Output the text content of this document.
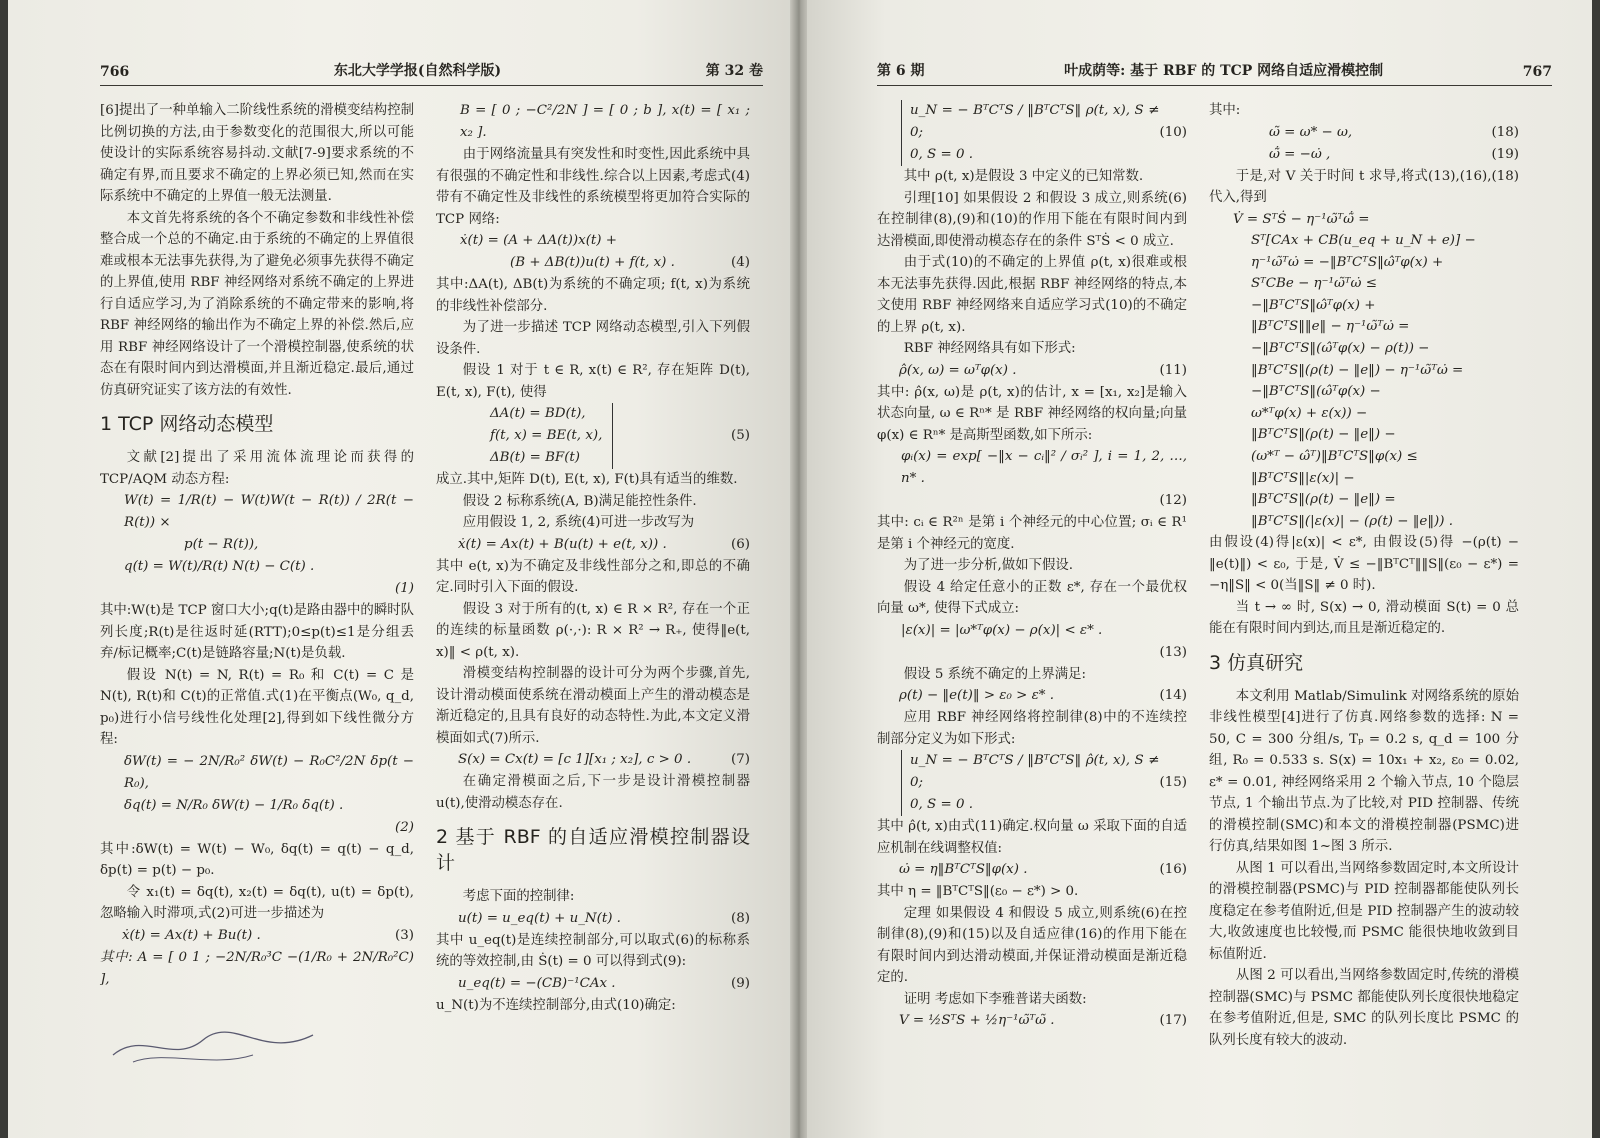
766	东北大学学报(自然科学版)	第 32 卷

[6]提出了一种单输入二阶线性系统的滑模变结构控制比例切换的方法,由于参数变化的范围很大,所以可能使设计的实际系统容易抖动.文献[7-9]要求系统的不确定有界,而且要求不确定的上界必须已知,然而在实际系统中不确定的上界值一般无法测量.

本文首先将系统的各个不确定参数和非线性补偿整合成一个总的不确定.由于系统的不确定的上界值很难或根本无法事先获得,为了避免必须事先获得不确定的上界值,使用 RBF 神经网络对系统不确定的上界进行自适应学习,为了消除系统的不确定带来的影响,将 RBF 神经网络的输出作为不确定上界的补偿.然后,应用 RBF 神经网络设计了一个滑模控制器,使系统的状态在有限时间内到达滑模面,并且渐近稳定.最后,通过仿真研究证实了该方法的有效性.

1 TCP 网络动态模型

文献[2]提出了采用流体流理论而获得的 TCP/AQM 动态方程:

W(t) = 1/R(t) − W(t)W(t − R(t)) / 2R(t − R(t)) ×
p(t − R(t)),
q(t) = W(t)/R(t) N(t) − C(t) .
(1)

其中:W(t)是 TCP 窗口大小;q(t)是路由器中的瞬时队列长度;R(t)是往返时延(RTT);0≤p(t)≤1是分组丢弃/标记概率;C(t)是链路容量;N(t)是负载.

假设 N(t) = N, R(t) = R₀ 和 C(t) = C 是 N(t), R(t)和 C(t)的正常值.式(1)在平衡点(W₀, q_d, p₀)进行小信号线性化处理[2],得到如下线性微分方程:

δW(t) = − 2N/R₀² δW(t) − R₀C²/2N δp(t − R₀),
δq(t) = N/R₀ δW(t) − 1/R₀ δq(t) .
(2)

其中:δW(t) = W(t) − W₀, δq(t) = q(t) − q_d, δp(t) = p(t) − p₀.

令 x₁(t) = δq(t), x₂(t) = δq(t), u(t) = δp(t),忽略输入时滞项,式(2)可进一步描述为

ẋ(t) = Ax(t) + Bu(t) .	(3)
其中: A = [ 0 1 ; −2N/R₀³C −(1/R₀ + 2N/R₀²C) ],
B = [ 0 ; −C²/2N ] = [ 0 ; b ], x(t) = [ x₁ ; x₂ ].

由于网络流量具有突发性和时变性,因此系统中具有很强的不确定性和非线性.综合以上因素,考虑式(4)带有不确定性及非线性的系统模型将更加符合实际的 TCP 网络:

ẋ(t) = (A + ΔA(t))x(t) +
(B + ΔB(t))u(t) + f(t, x) .	(4)

其中:ΔA(t), ΔB(t)为系统的不确定项; f(t, x)为系统的非线性补偿部分.

为了进一步描述 TCP 网络动态模型,引入下列假设条件.

假设 1 对于 t ∈ R, x(t) ∈ R², 存在矩阵 D(t), E(t, x), F(t), 使得

ΔA(t) = BD(t),
f(t, x) = BE(t, x),
ΔB(t) = BF(t)
(5)

成立.其中,矩阵 D(t), E(t, x), F(t)具有适当的维数.

假设 2 标称系统(A, B)满足能控性条件.

应用假设 1, 2, 系统(4)可进一步改写为

ẋ(t) = Ax(t) + B(u(t) + e(t, x)) .	(6)

其中 e(t, x)为不确定及非线性部分之和,即总的不确定.同时引入下面的假设.

假设 3 对于所有的(t, x) ∈ R × R², 存在一个正的连续的标量函数 ρ(·,·): R × R² → R₊, 使得‖e(t, x)‖ < ρ(t, x).

滑模变结构控制器的设计可分为两个步骤,首先,设计滑动模面使系统在滑动模面上产生的滑动模态是渐近稳定的,且具有良好的动态特性.为此,本文定义滑模面如式(7)所示.

S(x) = Cx(t) = [c 1][x₁ ; x₂], c > 0 .	(7)

在确定滑模面之后,下一步是设计滑模控制器 u(t),使滑动模态存在.

2 基于 RBF 的自适应滑模控制器设计

考虑下面的控制律:

u(t) = u_eq(t) + u_N(t) .	(8)

其中 u_eq(t)是连续控制部分,可以取式(6)的标称系统的等效控制,由 Ṡ(t) = 0 可以得到式(9):

u_eq(t) = −(CB)⁻¹CAx .	(9)

u_N(t)为不连续控制部分,由式(10)确定:

第 6 期	叶成荫等: 基于 RBF 的 TCP 网络自适应滑模控制	767
u_N = − BᵀCᵀS / ‖BᵀCᵀS‖ ρ(t, x), S ≠ 0;
0, S = 0 .
(10)

其中 ρ(t, x)是假设 3 中定义的已知常数.

引理[10] 如果假设 2 和假设 3 成立,则系统(6)在控制律(8),(9)和(10)的作用下能在有限时间内到达滑模面,即使滑动模态存在的条件 SᵀṠ < 0 成立.

由于式(10)的不确定的上界值 ρ(t, x)很难或根本无法事先获得.因此,根据 RBF 神经网络的特点,本文使用 RBF 神经网络来自适应学习式(10)的不确定的上界 ρ(t, x).

RBF 神经网络具有如下形式:

ρ̂(x, ω) = ωᵀφ(x) .	(11)

其中: ρ̂(x, ω)是 ρ(t, x)的估计, x = [x₁, x₂]是输入状态向量, ω ∈ Rⁿ* 是 RBF 神经网络的权向量;向量 φ(x) ∈ Rⁿ* 是高斯型函数,如下所示:

φᵢ(x) = exp[ −‖x − cᵢ‖² / σᵢ² ], i = 1, 2, …, n* .
(12)

其中: cᵢ ∈ R²ⁿ 是第 i 个神经元的中心位置; σᵢ ∈ R¹ 是第 i 个神经元的宽度.

为了进一步分析,做如下假设.

假设 4 给定任意小的正数 ε*, 存在一个最优权向量 ω*, 使得下式成立:

|ε(x)| = |ω*ᵀφ(x) − ρ(x)| < ε* .
(13)

假设 5 系统不确定的上界满足:

ρ(t) − ‖e(t)‖ > ε₀ > ε* .	(14)

应用 RBF 神经网络将控制律(8)中的不连续控制部分定义为如下形式:

u_N = − BᵀCᵀS / ‖BᵀCᵀS‖ ρ̂(t, x), S ≠ 0;
0, S = 0 .
(15)

其中 ρ̂(t, x)由式(11)确定.权向量 ω 采取下面的自适应机制在线调整权值:

ω̇ = η‖BᵀCᵀS‖φ(x) .	(16)

其中 η = ‖BᵀCᵀS‖(ε₀ − ε*) > 0.

定理 如果假设 4 和假设 5 成立,则系统(6)在控制律(8),(9)和(15)以及自适应律(16)的作用下能在有限时间内到达滑动模面,并保证滑动模面是渐近稳定的.

证明 考虑如下李雅普诺夫函数:

V = ½SᵀS + ½η⁻¹ω̃ᵀω̃ .	(17)

其中:

ω̃ = ω* − ω,	(18)
ω̃̇ = −ω̇ ,	(19)

于是,对 V 关于时间 t 求导,将式(13),(16),(18)代入,得到

V̇ = SᵀṠ − η⁻¹ω̃ᵀω̃̇ =
Sᵀ[CAx + CB(u_eq + u_N + e)] −
η⁻¹ω̃ᵀω̇ = −‖BᵀCᵀS‖ω̂ᵀφ(x) +
SᵀCBe − η⁻¹ω̃ᵀω̇ ≤
−‖BᵀCᵀS‖ω̂ᵀφ(x) +
‖BᵀCᵀS‖‖e‖ − η⁻¹ω̃ᵀω̇ =
−‖BᵀCᵀS‖(ω̂ᵀφ(x) − ρ(t)) −
‖BᵀCᵀS‖(ρ(t) − ‖e‖) − η⁻¹ω̃ᵀω̇ =
−‖BᵀCᵀS‖(ω̂ᵀφ(x) −
ω*ᵀφ(x) + ε(x)) −
‖BᵀCᵀS‖(ρ(t) − ‖e‖) −
(ω*ᵀ − ω̂ᵀ)‖BᵀCᵀS‖φ(x) ≤
‖BᵀCᵀS‖|ε(x)| −
‖BᵀCᵀS‖(ρ(t) − ‖e‖) =
‖BᵀCᵀS‖(|ε(x)| − (ρ(t) − ‖e‖)) .

由假设(4)得|ε(x)| < ε*, 由假设(5)得 −(ρ(t) − ‖e(t)‖) < ε₀, 于是, V̇ ≤ −‖BᵀCᵀ‖‖S‖(ε₀ − ε*) = −η‖S‖ < 0(当‖S‖ ≠ 0 时).

当 t → ∞ 时, S(x) → 0, 滑动模面 S(t) = 0 总能在有限时间内到达,而且是渐近稳定的.

3 仿真研究

本文利用 Matlab/Simulink 对网络系统的原始非线性模型[4]进行了仿真.网络参数的选择: N = 50, C = 300 分组/s, Tₚ = 0.2 s, q_d = 100 分组, R₀ = 0.533 s. S(x) = 10x₁ + x₂, ε₀ = 0.02, ε* = 0.01, 神经网络采用 2 个输入节点, 10 个隐层节点, 1 个输出节点.为了比较,对 PID 控制器、传统的滑模控制(SMC)和本文的滑模控制器(PSMC)进行仿真,结果如图 1~图 3 所示.

从图 1 可以看出,当网络参数固定时,本文所设计的滑模控制器(PSMC)与 PID 控制器都能使队列长度稳定在参考值附近,但是 PID 控制器产生的波动较大,收敛速度也比较慢,而 PSMC 能很快地收敛到目标值附近.

从图 2 可以看出,当网络参数固定时,传统的滑模控制器(SMC)与 PSMC 都能使队列长度很快地稳定在参考值附近,但是, SMC 的队列长度比 PSMC 的队列长度有较大的波动.
